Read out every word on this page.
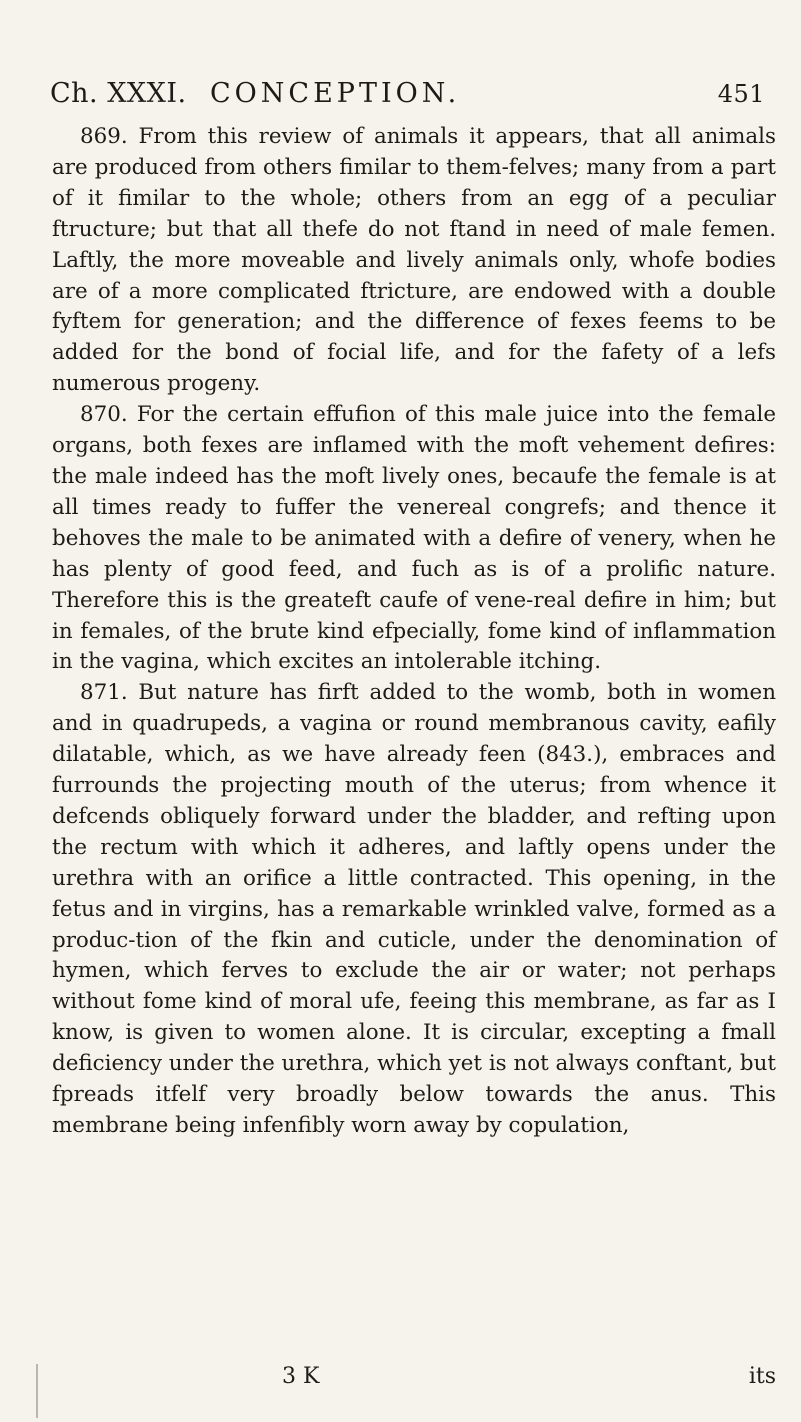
Ch. XXXI. CONCEPTION.	451

869. From this review of animals it appears, that all animals are produced from others fimilar to them-felves; many from a part of it fimilar to the whole; others from an egg of a peculiar ftructure; but that all thefe do not ftand in need of male femen. Laftly, the more moveable and lively animals only, whofe bodies are of a more complicated ftricture, are endowed with a double fyftem for generation; and the difference of fexes feems to be added for the bond of focial life, and for the fafety of a lefs numerous progeny.

870. For the certain effufion of this male juice into the female organs, both fexes are inflamed with the moft vehement defires: the male indeed has the moft lively ones, becaufe the female is at all times ready to fuffer the venereal congrefs; and thence it behoves the male to be animated with a defire of venery, when he has plenty of good feed, and fuch as is of a prolific nature. Therefore this is the greateft caufe of vene-real defire in him; but in females, of the brute kind efpecially, fome kind of inflammation in the vagina, which excites an intolerable itching.

871. But nature has firft added to the womb, both in women and in quadrupeds, a vagina or round membranous cavity, eafily dilatable, which, as we have already feen (843.), embraces and furrounds the projecting mouth of the uterus; from whence it defcends obliquely forward under the bladder, and refting upon the rectum with which it adheres, and laftly opens under the urethra with an orifice a little contracted. This opening, in the fetus and in virgins, has a remarkable wrinkled valve, formed as a produc-tion of the fkin and cuticle, under the denomination of hymen, which ferves to exclude the air or water; not perhaps without fome kind of moral ufe, feeing this membrane, as far as I know, is given to women alone. It is circular, excepting a fmall deficiency under the urethra, which yet is not always conftant, but fpreads itfelf very broadly below towards the anus. This membrane being infenfibly worn away by copulation,

3 K	its
